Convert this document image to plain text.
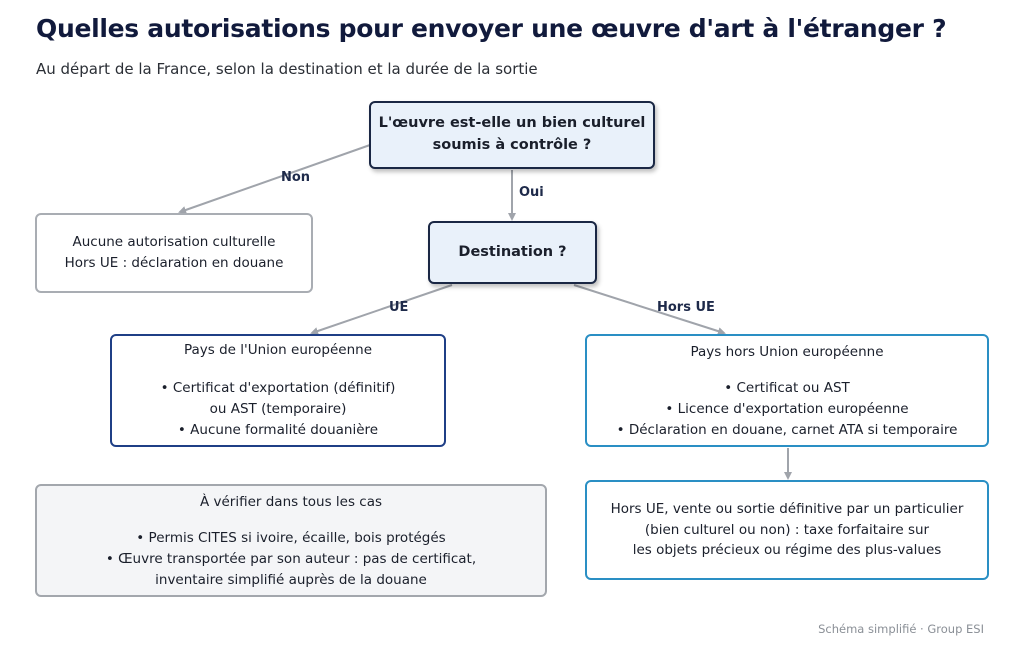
Quelles autorisations pour envoyer une œuvre d'art à l'étranger ?
Au départ de la France, selon la destination et la durée de la sortie
Non
Oui
UE	Hors UE
L'œuvre est-elle un bien culturel
soumis à contrôle ?
Aucune autorisation culturelle
Hors UE : déclaration en douane
Destination ?
Pays de l'Union européenne
• Certificat d'exportation (définitif)
ou AST (temporaire)
• Aucune formalité douanière
Pays hors Union européenne
• Certificat ou AST
• Licence d'exportation européenne
• Déclaration en douane, carnet ATA si temporaire
À vérifier dans tous les cas
• Permis CITES si ivoire, écaille, bois protégés
• Œuvre transportée par son auteur : pas de certificat,
inventaire simplifié auprès de la douane
Hors UE, vente ou sortie définitive par un particulier
(bien culturel ou non) : taxe forfaitaire sur
les objets précieux ou régime des plus-values
Schéma simplifié · Group ESI
